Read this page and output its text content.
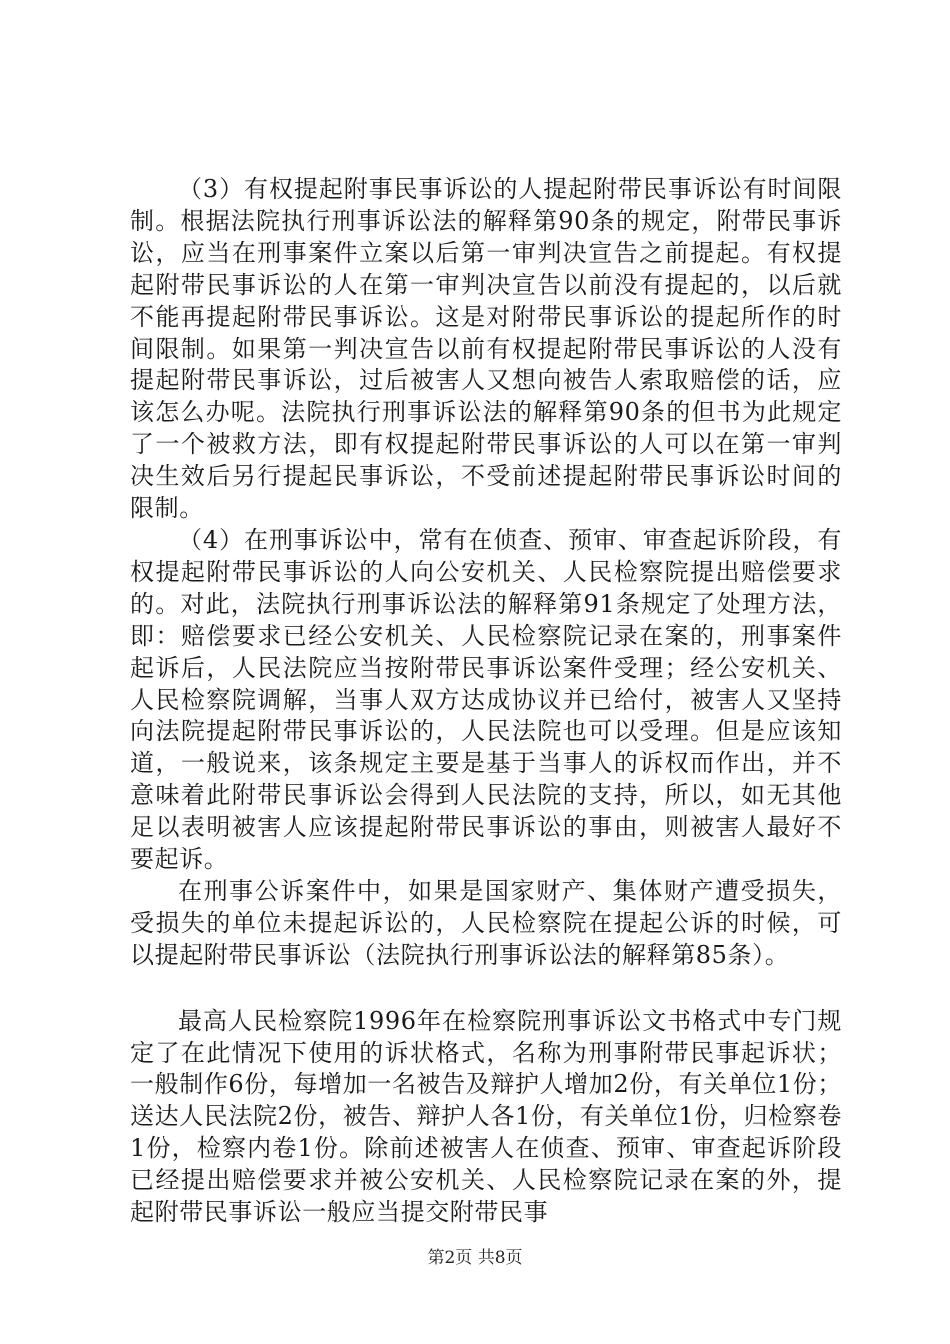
（3）有权提起附事民事诉讼的人提起附带民事诉讼有时间限制。根据法院执行刑事诉讼法的解释第90条的规定，附带民事诉讼，应当在刑事案件立案以后第一审判决宣告之前提起。有权提起附带民事诉讼的人在第一审判决宣告以前没有提起的，以后就不能再提起附带民事诉讼。这是对附带民事诉讼的提起所作的时间限制。如果第一判决宣告以前有权提起附带民事诉讼的人没有提起附带民事诉讼，过后被害人又想向被告人索取赔偿的话，应该怎么办呢。法院执行刑事诉讼法的解释第90条的但书为此规定了一个被救方法，即有权提起附带民事诉讼的人可以在第一审判决生效后另行提起民事诉讼，不受前述提起附带民事诉讼时间的限制。

（4）在刑事诉讼中，常有在侦查、预审、审查起诉阶段，有权提起附带民事诉讼的人向公安机关、人民检察院提出赔偿要求的。对此，法院执行刑事诉讼法的解释第91条规定了处理方法，即：赔偿要求已经公安机关、人民检察院记录在案的，刑事案件起诉后，人民法院应当按附带民事诉讼案件受理；经公安机关、人民检察院调解，当事人双方达成协议并已给付，被害人又坚持向法院提起附带民事诉讼的，人民法院也可以受理。但是应该知道，一般说来，该条规定主要是基于当事人的诉权而作出，并不意味着此附带民事诉讼会得到人民法院的支持，所以，如无其他足以表明被害人应该提起附带民事诉讼的事由，则被害人最好不要起诉。

在刑事公诉案件中，如果是国家财产、集体财产遭受损失，受损失的单位未提起诉讼的，人民检察院在提起公诉的时候，可以提起附带民事诉讼（法院执行刑事诉讼法的解释第85条）。

最高人民检察院1996年在检察院刑事诉讼文书格式中专门规定了在此情况下使用的诉状格式，名称为刑事附带民事起诉状；一般制作6份，每增加一名被告及辩护人增加2份，有关单位1份；送达人民法院2份，被告、辩护人各1份，有关单位1份，归检察卷1份，检察内卷1份。除前述被害人在侦查、预审、审查起诉阶段已经提出赔偿要求并被公安机关、人民检察院记录在案的外，提起附带民事诉讼一般应当提交附带民事

第2页 共8页
